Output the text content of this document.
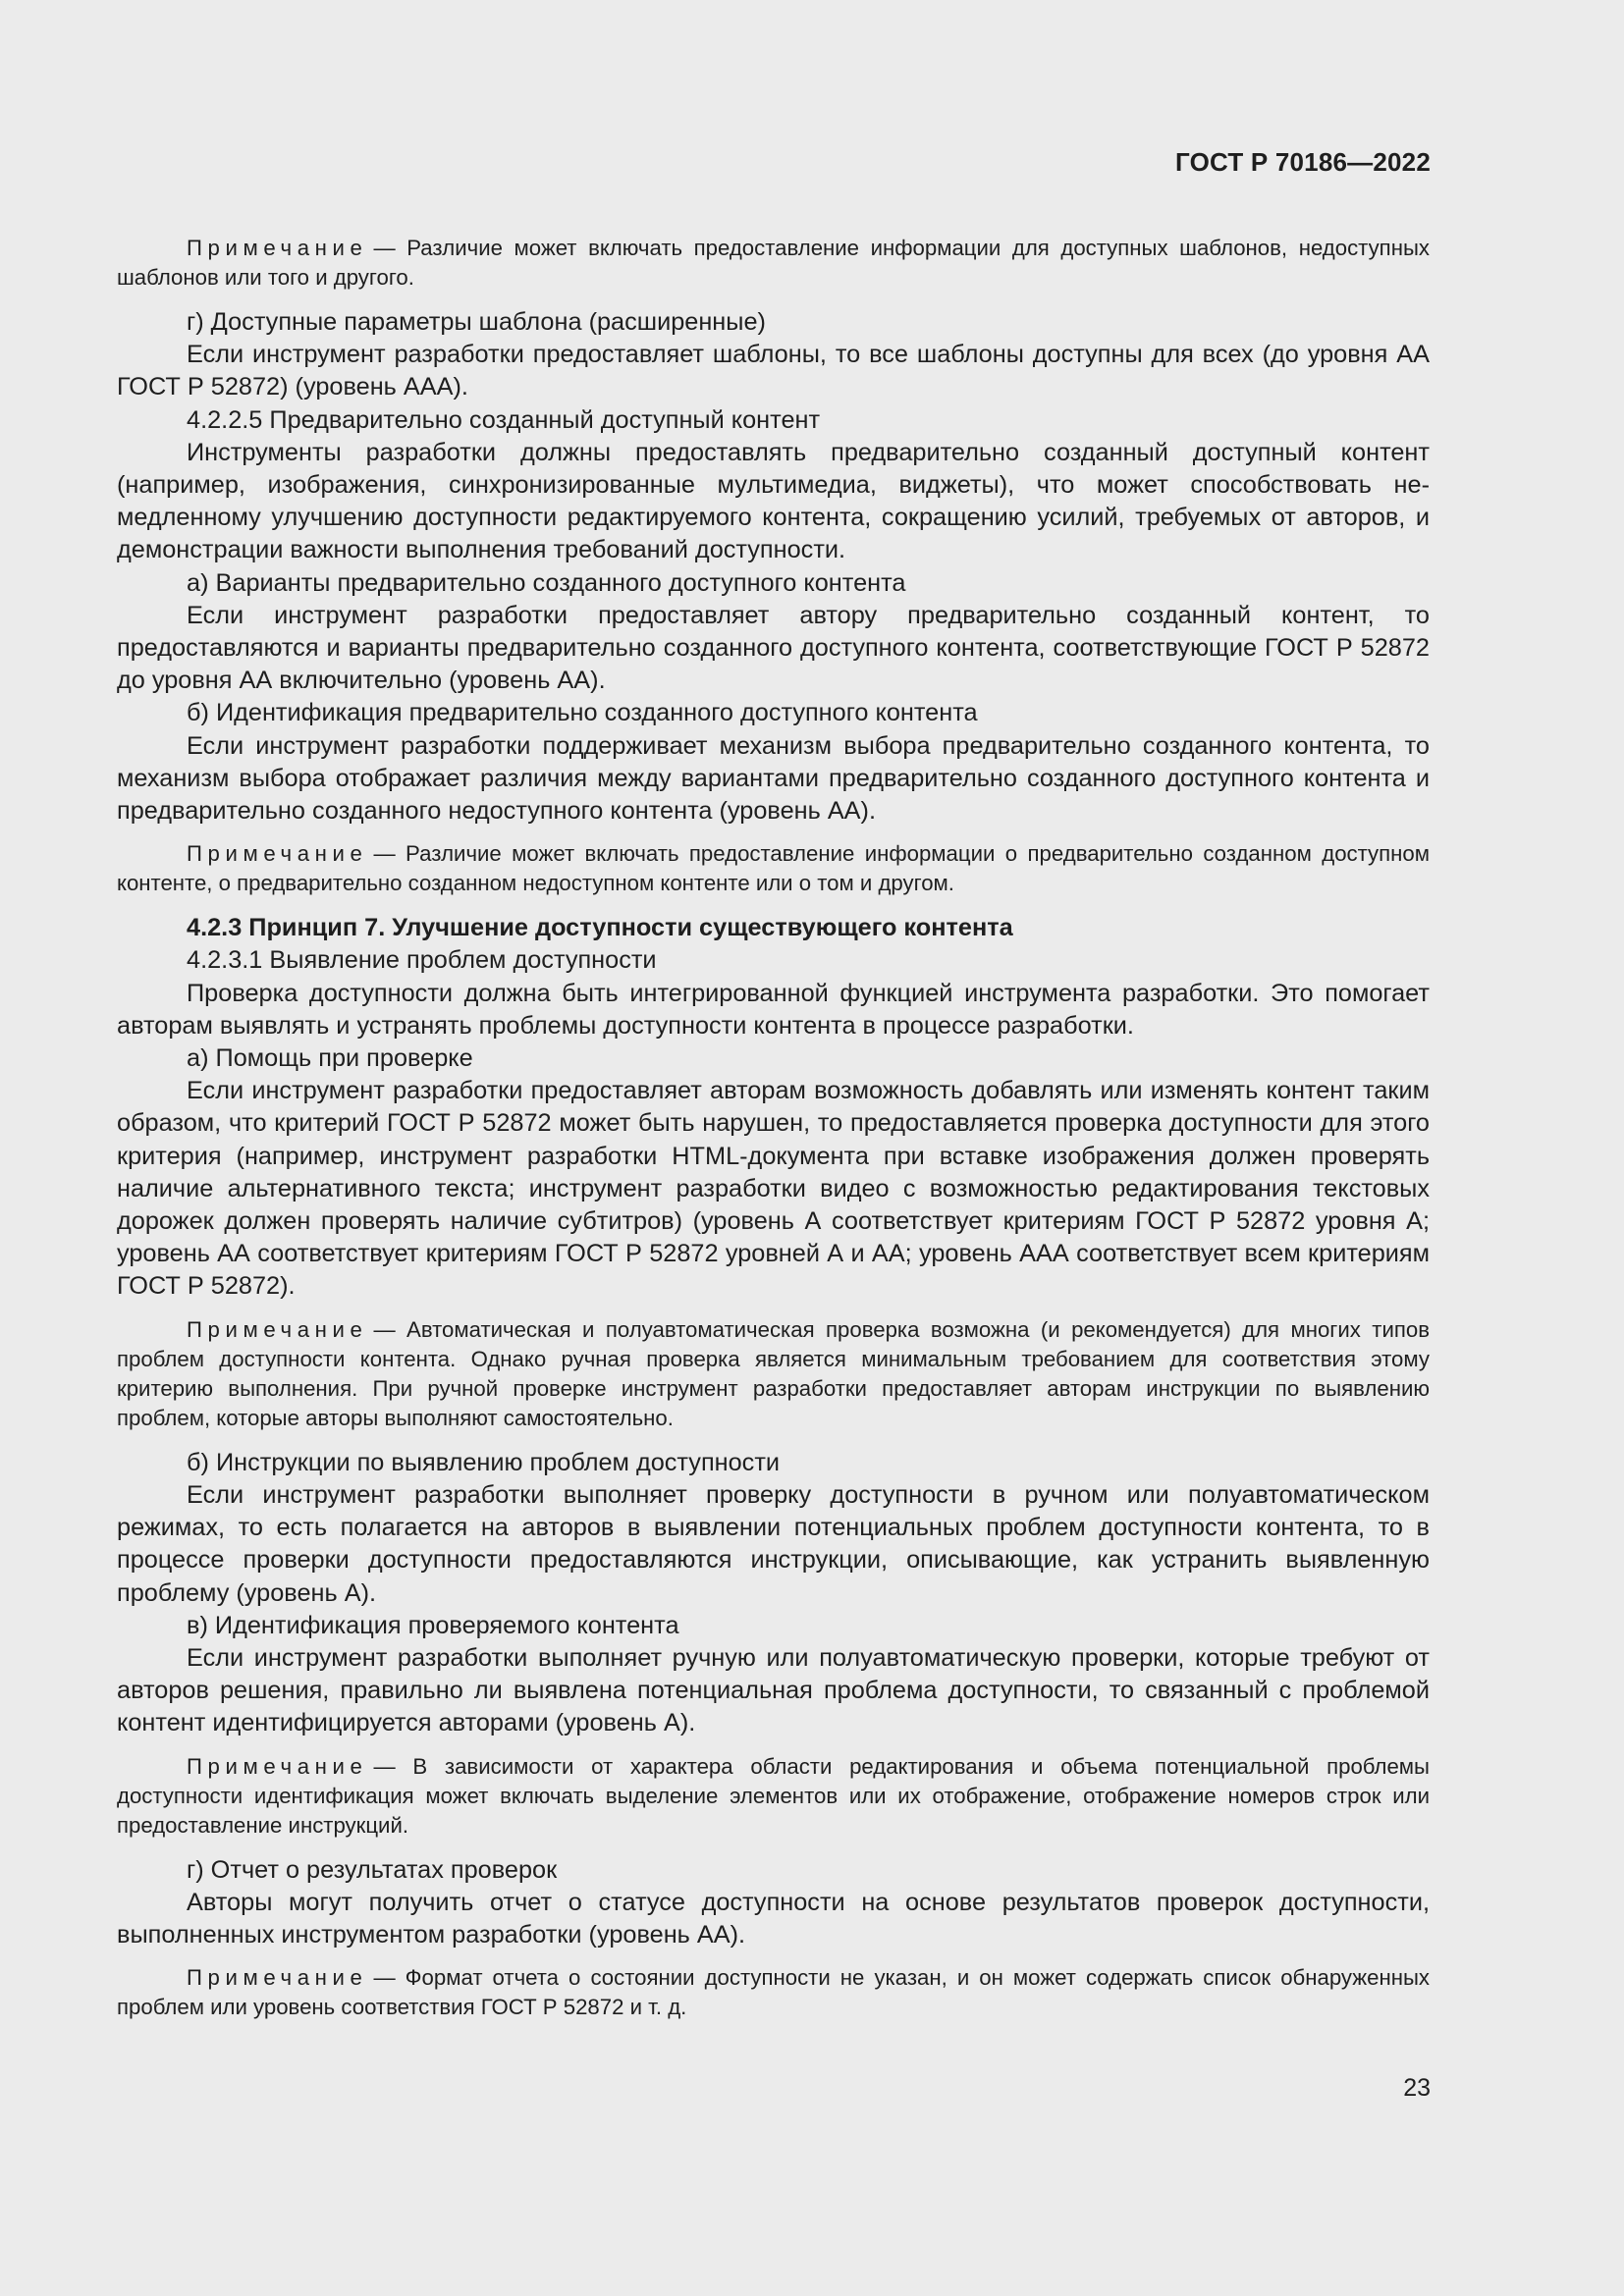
ГОСТ Р 70186—2022

Примечание — Различие может включать предоставление информации для доступных шаблонов, недоступных шаблонов или того и другого.

г) Доступные параметры шаблона (расширенные)

Если инструмент разработки предоставляет шаблоны, то все шаблоны доступны для всех (до уровня АА ГОСТ Р 52872) (уровень ААА).

4.2.2.5 Предварительно созданный доступный контент

Инструменты разработки должны предоставлять предварительно созданный доступный контент (например, изображения, синхронизированные мультимедиа, виджеты), что может способствовать немедленному улучшению доступности редактируемого контента, сокращению усилий, требуемых от авторов, и демонстрации важности выполнения требований доступности.

а) Варианты предварительно созданного доступного контента

Если инструмент разработки предоставляет автору предварительно созданный контент, то предоставляются и варианты предварительно созданного доступного контента, соответствующие ГОСТ Р 52872 до уровня АА включительно (уровень АА).

б) Идентификация предварительно созданного доступного контента

Если инструмент разработки поддерживает механизм выбора предварительно созданного контента, то механизм выбора отображает различия между вариантами предварительно созданного доступного контента и предварительно созданного недоступного контента (уровень АА).

Примечание — Различие может включать предоставление информации о предварительно созданном доступном контенте, о предварительно созданном недоступном контенте или о том и другом.

4.2.3 Принцип 7. Улучшение доступности существующего контента

4.2.3.1 Выявление проблем доступности

Проверка доступности должна быть интегрированной функцией инструмента разработки. Это помогает авторам выявлять и устранять проблемы доступности контента в процессе разработки.

а) Помощь при проверке

Если инструмент разработки предоставляет авторам возможность добавлять или изменять контент таким образом, что критерий ГОСТ Р 52872 может быть нарушен, то предоставляется проверка доступности для этого критерия (например, инструмент разработки HTML-документа при вставке изображения должен проверять наличие альтернативного текста; инструмент разработки видео с возможностью редактирования текстовых дорожек должен проверять наличие субтитров) (уровень А соответствует критериям ГОСТ Р 52872 уровня А; уровень АА соответствует критериям ГОСТ Р 52872 уровней А и АА; уровень ААА соответствует всем критериям ГОСТ Р 52872).

Примечание — Автоматическая и полуавтоматическая проверка возможна (и рекомендуется) для многих типов проблем доступности контента. Однако ручная проверка является минимальным требованием для соответствия этому критерию выполнения. При ручной проверке инструмент разработки предоставляет авторам инструкции по выявлению проблем, которые авторы выполняют самостоятельно.

б) Инструкции по выявлению проблем доступности

Если инструмент разработки выполняет проверку доступности в ручном или полуавтоматическом режимах, то есть полагается на авторов в выявлении потенциальных проблем доступности контента, то в процессе проверки доступности предоставляются инструкции, описывающие, как устранить выявленную проблему (уровень А).

в) Идентификация проверяемого контента

Если инструмент разработки выполняет ручную или полуавтоматическую проверки, которые требуют от авторов решения, правильно ли выявлена потенциальная проблема доступности, то связанный с проблемой контент идентифицируется авторами (уровень А).

Примечание — В зависимости от характера области редактирования и объема потенциальной проблемы доступности идентификация может включать выделение элементов или их отображение, отображение номеров строк или предоставление инструкций.

г) Отчет о результатах проверок

Авторы могут получить отчет о статусе доступности на основе результатов проверок доступности, выполненных инструментом разработки (уровень АА).

Примечание — Формат отчета о состоянии доступности не указан, и он может содержать список обнаруженных проблем или уровень соответствия ГОСТ Р 52872 и т. д.

23
